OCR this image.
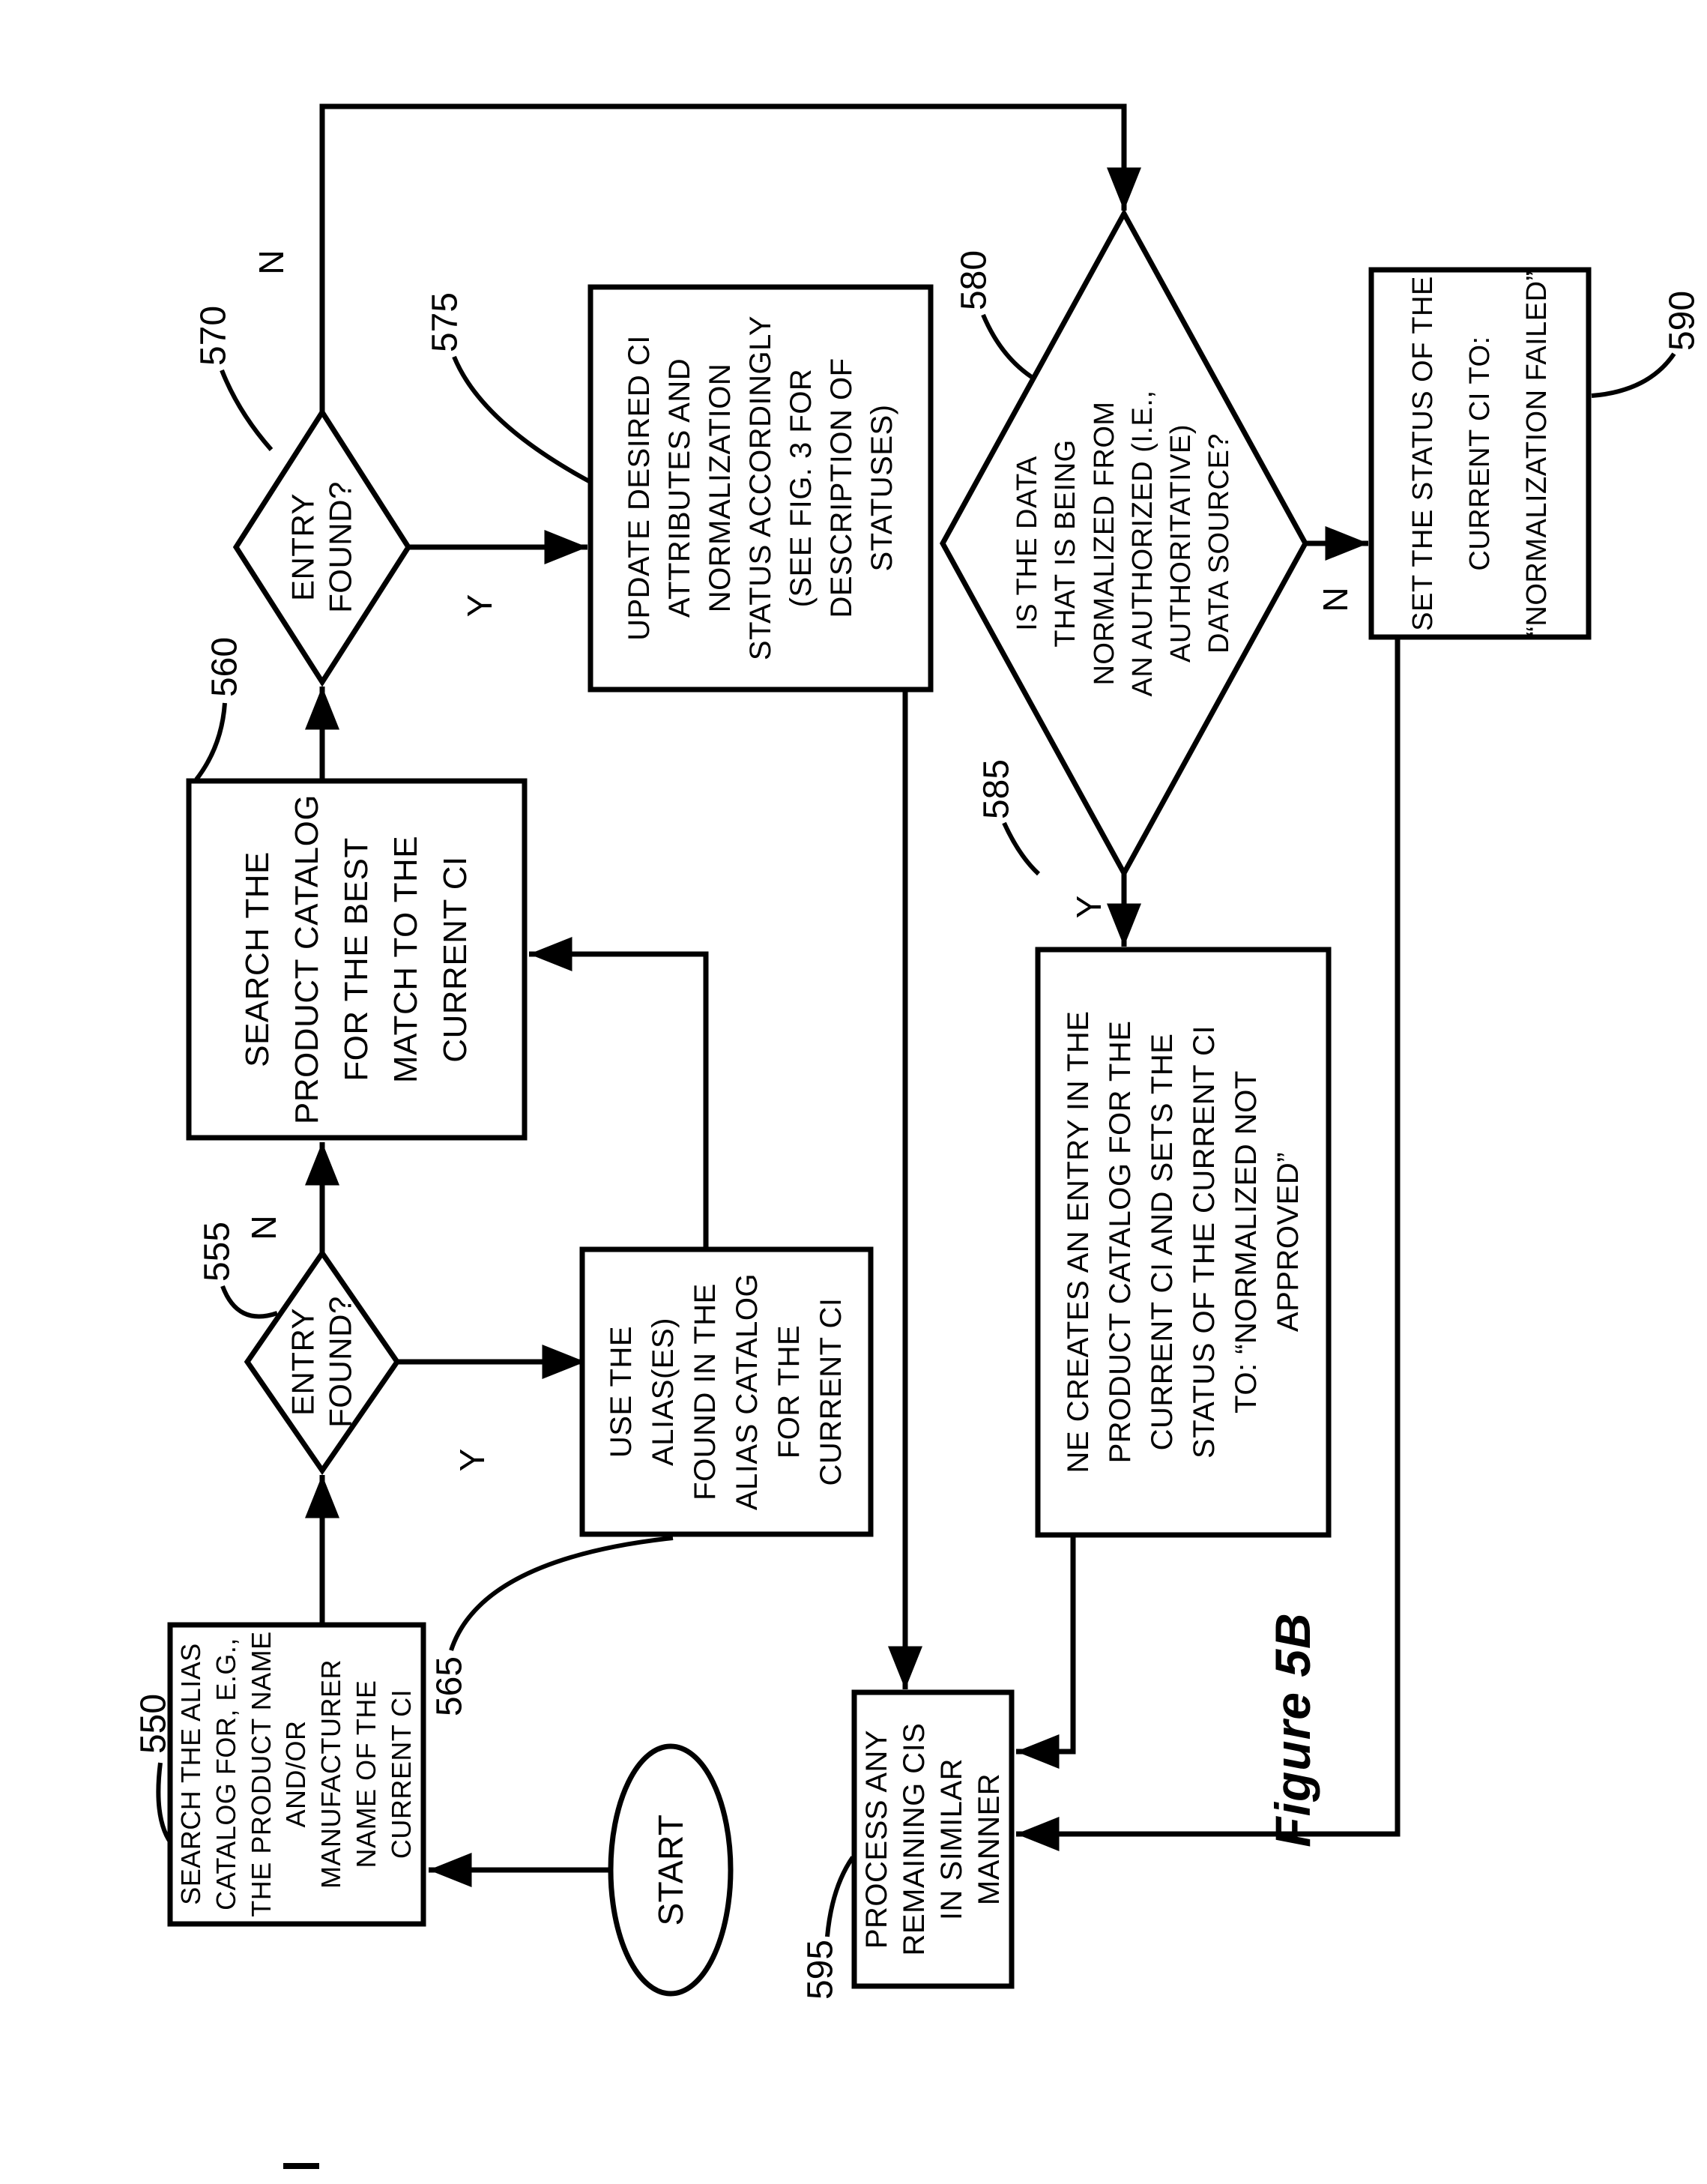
START
SEARCH THE ALIAS
CATALOG FOR, E.G.,
THE PRODUCT NAME
AND/OR
MANUFACTURER
NAME OF THE
CURRENT CI
ENTRY
FOUND?
SEARCH THE
PRODUCT CATALOG
FOR THE BEST
MATCH TO THE
CURRENT CI
USE THE
ALIAS(ES)
FOUND IN THE
ALIAS CATALOG
FOR THE
CURRENT CI
ENTRY
FOUND?	UPDATE DESIRED CI
ATTRIBUTES AND
NORMALIZATION
STATUS ACCORDINGLY
(SEE FIG. 3 FOR
DESCRIPTION OF
STATUSES)
IS THE DATA
THAT IS BEING
NORMALIZED FROM
AN AUTHORIZED (I.E.,
AUTHORITATIVE)
DATA SOURCE?
NE CREATES AN ENTRY IN THE
PRODUCT CATALOG FOR THE
CURRENT CI AND SETS THE
STATUS OF THE CURRENT CI
TO: “NORMALIZED NOT
APPROVED”
SET THE STATUS OF THE
CURRENT CI TO:
“NORMALIZATION FAILED”
PROCESS ANY
REMAINING CIS
IN SIMILAR
MANNER
550
555
560
565
570	575
580
585
590
595
N
Y
N
Y
Y
N
Figure 5B
